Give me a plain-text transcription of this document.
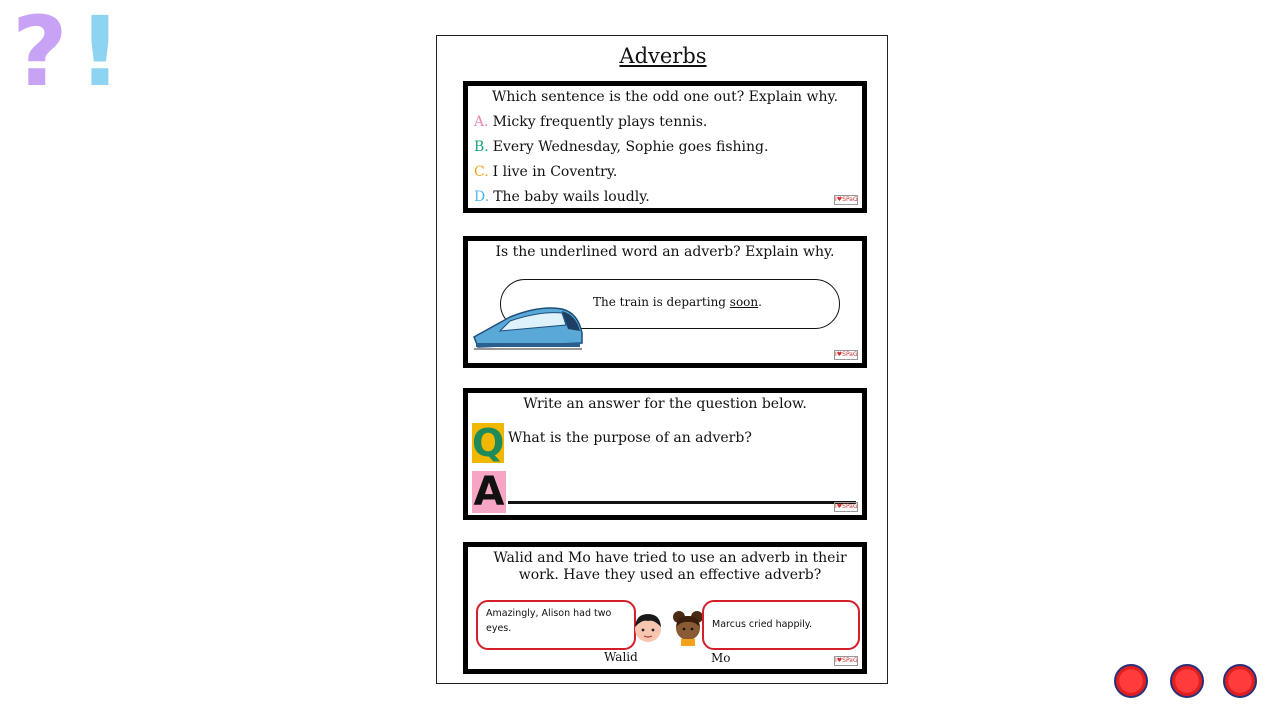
? !	Adverbs
Which sentence is the odd one out? Explain why.
A. Micky frequently plays tennis.
B. Every Wednesday, Sophie goes fishing.
C. I live in Coventry.
D. The baby wails loudly.	I♥SPaG
Is the underlined word an adverb? Explain why.
The train is departing soon.
I♥SPaG
Write an answer for the question below.
Q What is the purpose of an adverb?
A	I♥SPaG
Walid and Mo have tried to use an adverb in their work. Have they used an effective adverb?
Amazingly, Alison had two eyes.	Marcus cried happily.
Walid	Mo	I♥SPaG
